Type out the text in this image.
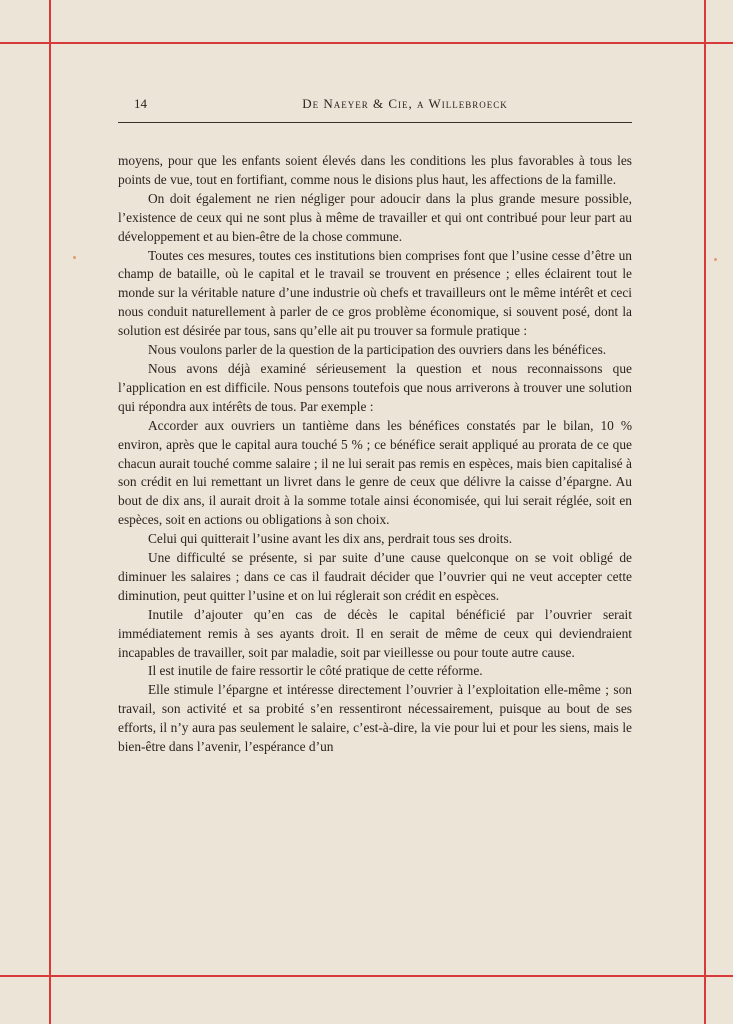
14	De Naeyer & Cie, a Willebroeck

moyens, pour que les enfants soient élevés dans les conditions les plus favorables à tous les points de vue, tout en fortifiant, comme nous le disions plus haut, les affections de la famille.

On doit également ne rien négliger pour adoucir dans la plus grande mesure possible, l’existence de ceux qui ne sont plus à même de travailler et qui ont contribué pour leur part au développement et au bien-être de la chose commune.

Toutes ces mesures, toutes ces institutions bien comprises font que l’usine cesse d’être un champ de bataille, où le capital et le travail se trouvent en présence ; elles éclairent tout le monde sur la véritable nature d’une industrie où chefs et travailleurs ont le même intérêt et ceci nous conduit naturellement à parler de ce gros problème économique, si souvent posé, dont la solution est désirée par tous, sans qu’elle ait pu trouver sa formule pratique :

Nous voulons parler de la question de la participation des ouvriers dans les bénéfices.

Nous avons déjà examiné sérieusement la question et nous reconnaissons que l’application en est difficile. Nous pensons toutefois que nous arriverons à trouver une solution qui répondra aux intérêts de tous. Par exemple :

Accorder aux ouvriers un tantième dans les bénéfices constatés par le bilan, 10 % environ, après que le capital aura touché 5 % ; ce bénéfice serait appliqué au prorata de ce que chacun aurait touché comme salaire ; il ne lui serait pas remis en espèces, mais bien capitalisé à son crédit en lui remettant un livret dans le genre de ceux que délivre la caisse d’épargne. Au bout de dix ans, il aurait droit à la somme totale ainsi économisée, qui lui serait réglée, soit en espèces, soit en actions ou obligations à son choix.

Celui qui quitterait l’usine avant les dix ans, perdrait tous ses droits.

Une difficulté se présente, si par suite d’une cause quelconque on se voit obligé de diminuer les salaires ; dans ce cas il faudrait décider que l’ouvrier qui ne veut accepter cette diminution, peut quitter l’usine et on lui réglerait son crédit en espèces.

Inutile d’ajouter qu’en cas de décès le capital bénéficié par l’ouvrier serait immédiatement remis à ses ayants droit. Il en serait de même de ceux qui deviendraient incapables de travailler, soit par maladie, soit par vieillesse ou pour toute autre cause.

Il est inutile de faire ressortir le côté pratique de cette réforme.

Elle stimule l’épargne et intéresse directement l’ouvrier à l’exploitation elle-même ; son travail, son activité et sa probité s’en ressentiront nécessairement, puisque au bout de ses efforts, il n’y aura pas seulement le salaire, c’est-à-dire, la vie pour lui et pour les siens, mais le bien-être dans l’avenir, l’espérance d’un
